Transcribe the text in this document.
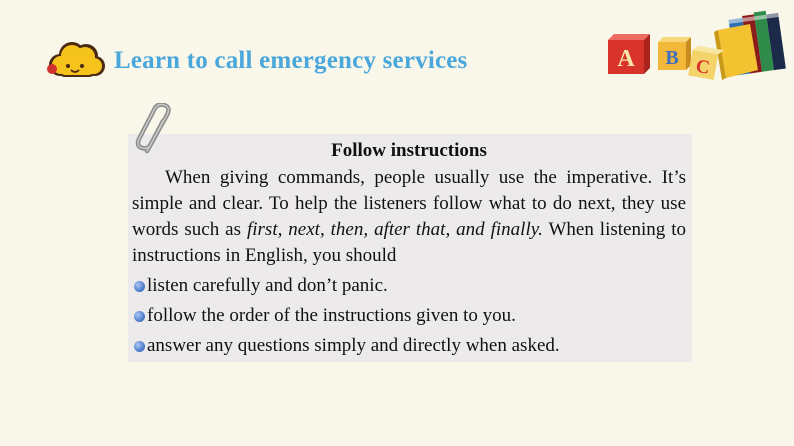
Learn to call emergency services	A B C
Follow instructions
When giving commands, people usually use the imperative. It’s simple and clear. To help the listeners follow what to do next, they use words such as first, next, then, after that, and finally. When listening to instructions in English, you should
listen carefully and don’t panic.
follow the order of the instructions given to you.
answer any questions simply and directly when asked.
